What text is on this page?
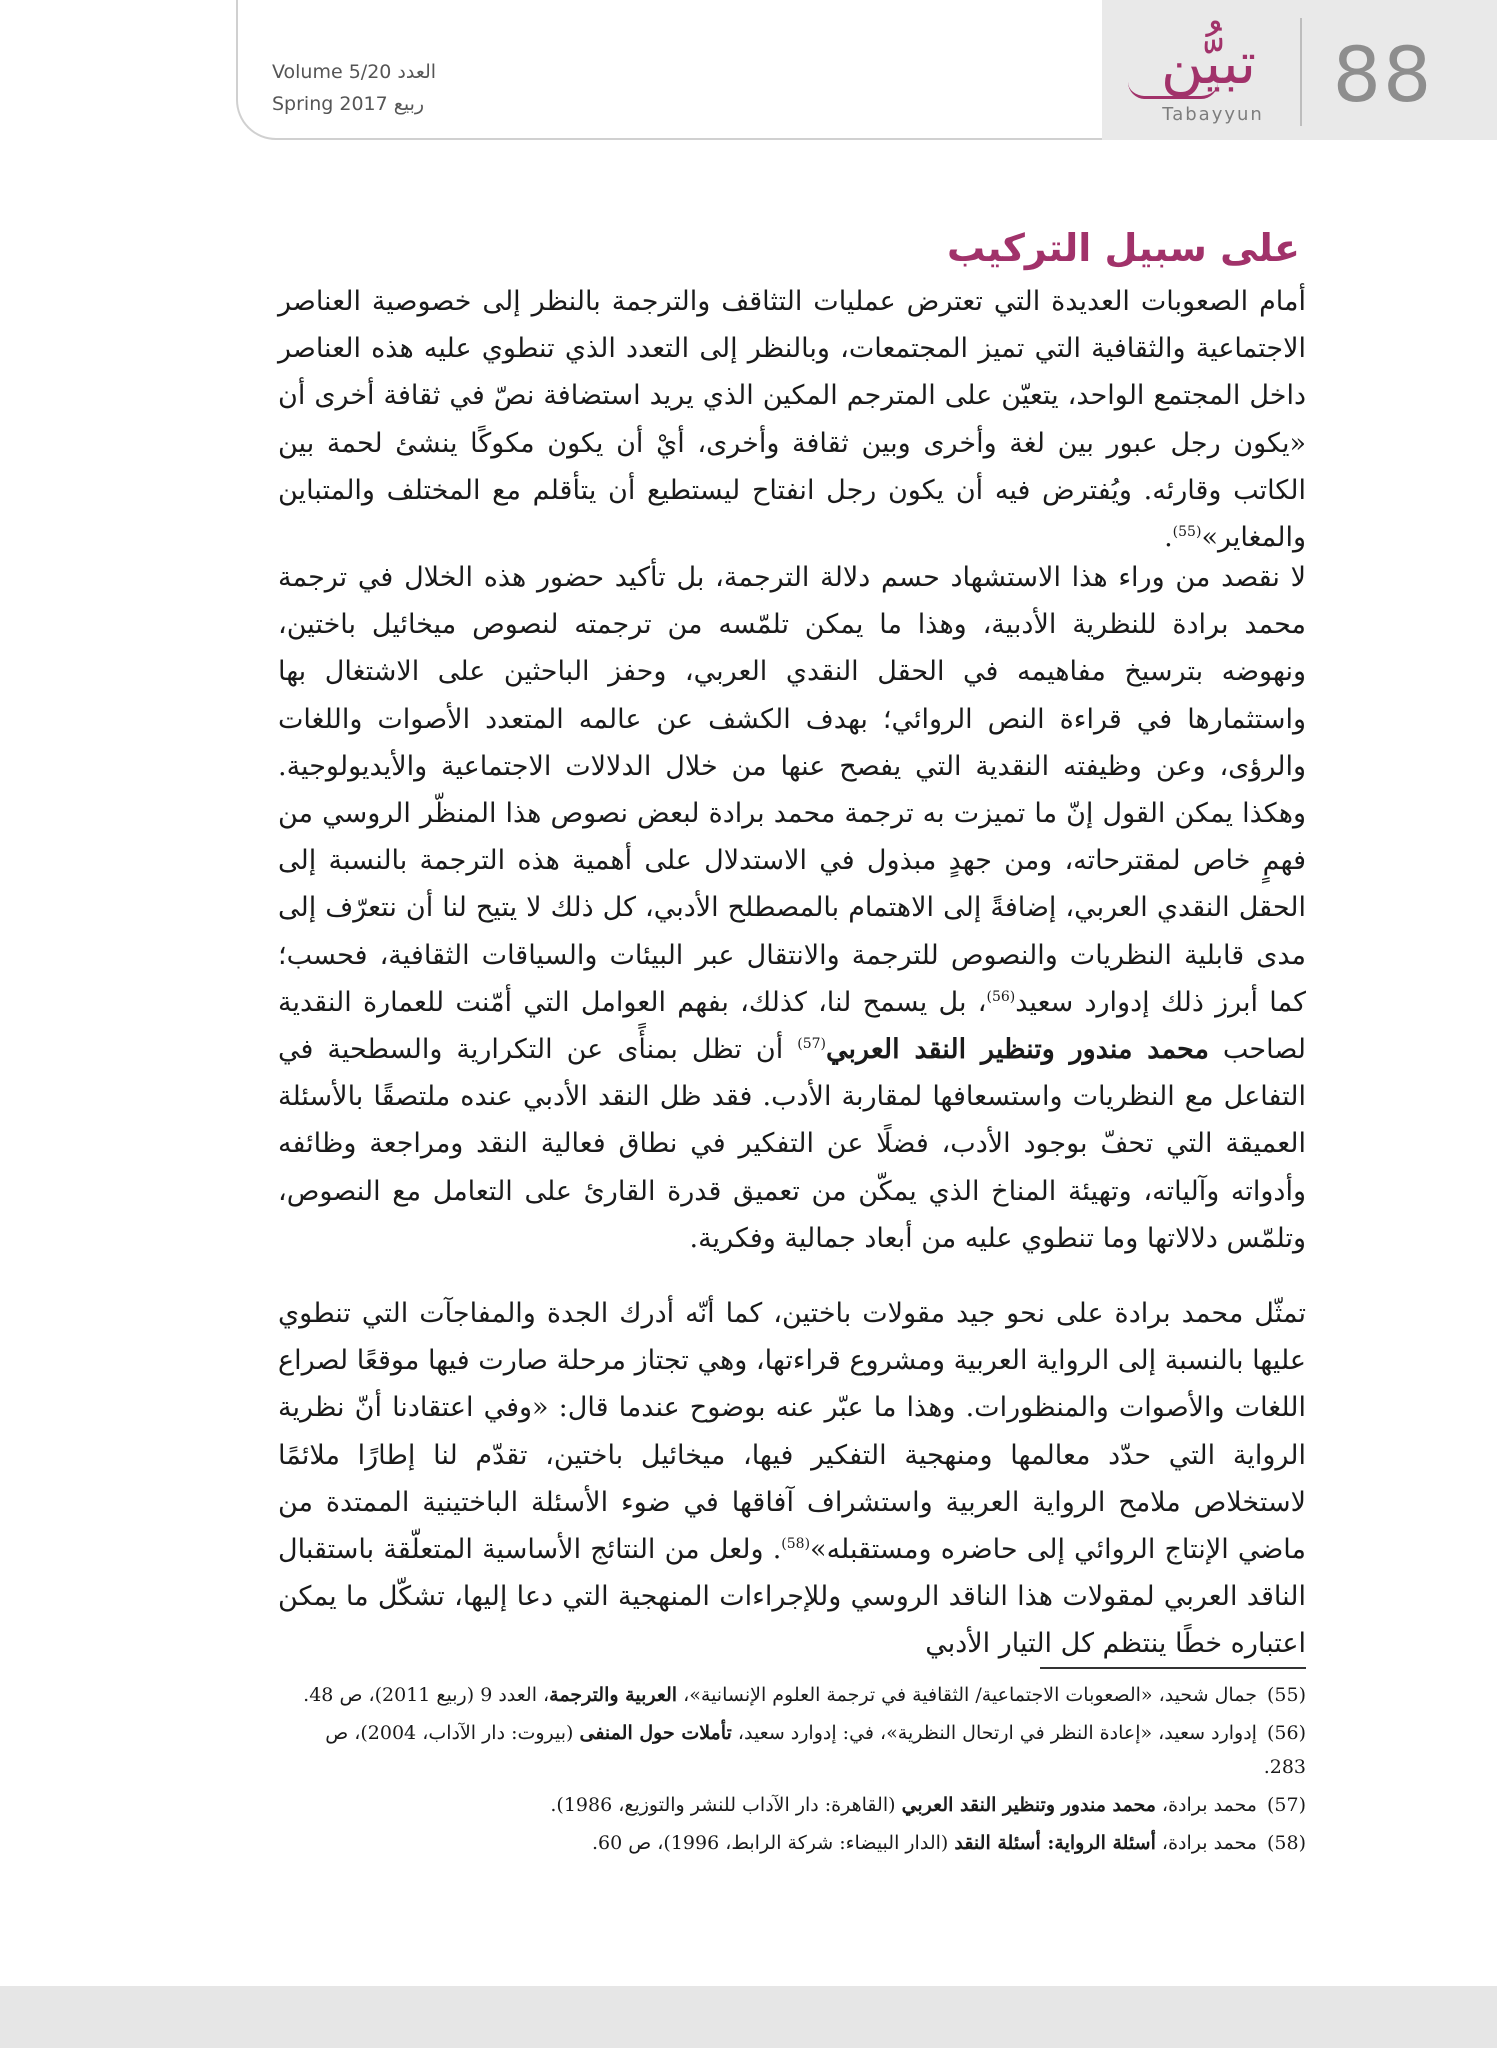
88
تبيُّن
Tabayyun
Volume 5/20 العدد
Spring 2017 ربيع
على سبيل التركيب

أمام الصعوبات العديدة التي تعترض عمليات التثاقف والترجمة بالنظر إلى خصوصية العناصر الاجتماعية والثقافية التي تميز المجتمعات، وبالنظر إلى التعدد الذي تنطوي عليه هذه العناصر داخل المجتمع الواحد، يتعيّن على المترجم المكين الذي يريد استضافة نصّ في ثقافة أخرى أن «يكون رجل عبور بين لغة وأخرى وبين ثقافة وأخرى، أيْ أن يكون مكوكًا ينشئ لحمة بين الكاتب وقارئه. ويُفترض فيه أن يكون رجل انفتاح ليستطيع أن يتأقلم مع المختلف والمتباين والمغاير»$^{(55)}$.

لا نقصد من وراء هذا الاستشهاد حسم دلالة الترجمة، بل تأكيد حضور هذه الخلال في ترجمة محمد برادة للنظرية الأدبية، وهذا ما يمكن تلمّسه من ترجمته لنصوص ميخائيل باختين، ونهوضه بترسيخ مفاهيمه في الحقل النقدي العربي، وحفز الباحثين على الاشتغال بها واستثمارها في قراءة النص الروائي؛ بهدف الكشف عن عالمه المتعدد الأصوات واللغات والرؤى، وعن وظيفته النقدية التي يفصح عنها من خلال الدلالات الاجتماعية والأيديولوجية. وهكذا يمكن القول إنّ ما تميزت به ترجمة محمد برادة لبعض نصوص هذا المنظّر الروسي من فهمٍ خاص لمقترحاته، ومن جهدٍ مبذول في الاستدلال على أهمية هذه الترجمة بالنسبة إلى الحقل النقدي العربي، إضافةً إلى الاهتمام بالمصطلح الأدبي، كل ذلك لا يتيح لنا أن نتعرّف إلى مدى قابلية النظريات والنصوص للترجمة والانتقال عبر البيئات والسياقات الثقافية، فحسب؛ كما أبرز ذلك إدوارد سعيد$^{(56)}$، بل يسمح لنا، كذلك، بفهم العوامل التي أمّنت للعمارة النقدية لصاحب محمد مندور وتنظير النقد العربي$^{(57)}$ أن تظل بمنأًى عن التكرارية والسطحية في التفاعل مع النظريات واستسعافها لمقاربة الأدب. فقد ظل النقد الأدبي عنده ملتصقًا بالأسئلة العميقة التي تحفّ بوجود الأدب، فضلًا عن التفكير في نطاق فعالية النقد ومراجعة وظائفه وأدواته وآلياته، وتهيئة المناخ الذي يمكّن من تعميق قدرة القارئ على التعامل مع النصوص، وتلمّس دلالاتها وما تنطوي عليه من أبعاد جمالية وفكرية.

تمثّل محمد برادة على نحو جيد مقولات باختين، كما أنّه أدرك الجدة والمفاجآت التي تنطوي عليها بالنسبة إلى الرواية العربية ومشروع قراءتها، وهي تجتاز مرحلة صارت فيها موقعًا لصراع اللغات والأصوات والمنظورات. وهذا ما عبّر عنه بوضوح عندما قال: «وفي اعتقادنا أنّ نظرية الرواية التي حدّد معالمها ومنهجية التفكير فيها، ميخائيل باختين، تقدّم لنا إطارًا ملائمًا لاستخلاص ملامح الرواية العربية واستشراف آفاقها في ضوء الأسئلة الباختينية الممتدة من ماضي الإنتاج الروائي إلى حاضره ومستقبله»$^{(58)}$. ولعل من النتائج الأساسية المتعلّقة باستقبال الناقد العربي لمقولات هذا الناقد الروسي وللإجراءات المنهجية التي دعا إليها، تشكّل ما يمكن اعتباره خطًا ينتظم كل التيار الأدبي

(55)جمال شحيد، «الصعوبات الاجتماعية/ الثقافية في ترجمة العلوم الإنسانية»، العربية والترجمة، العدد 9 (ربيع 2011)، ص 48.

(56)إدوارد سعيد، «إعادة النظر في ارتحال النظرية»، في: إدوارد سعيد، تأملات حول المنفى (بيروت: دار الآداب، 2004)، ص 283.

(57)محمد برادة، محمد مندور وتنظير النقد العربي (القاهرة: دار الآداب للنشر والتوزيع، 1986).

(58)محمد برادة، أسئلة الرواية: أسئلة النقد (الدار البيضاء: شركة الرابط، 1996)، ص 60.
